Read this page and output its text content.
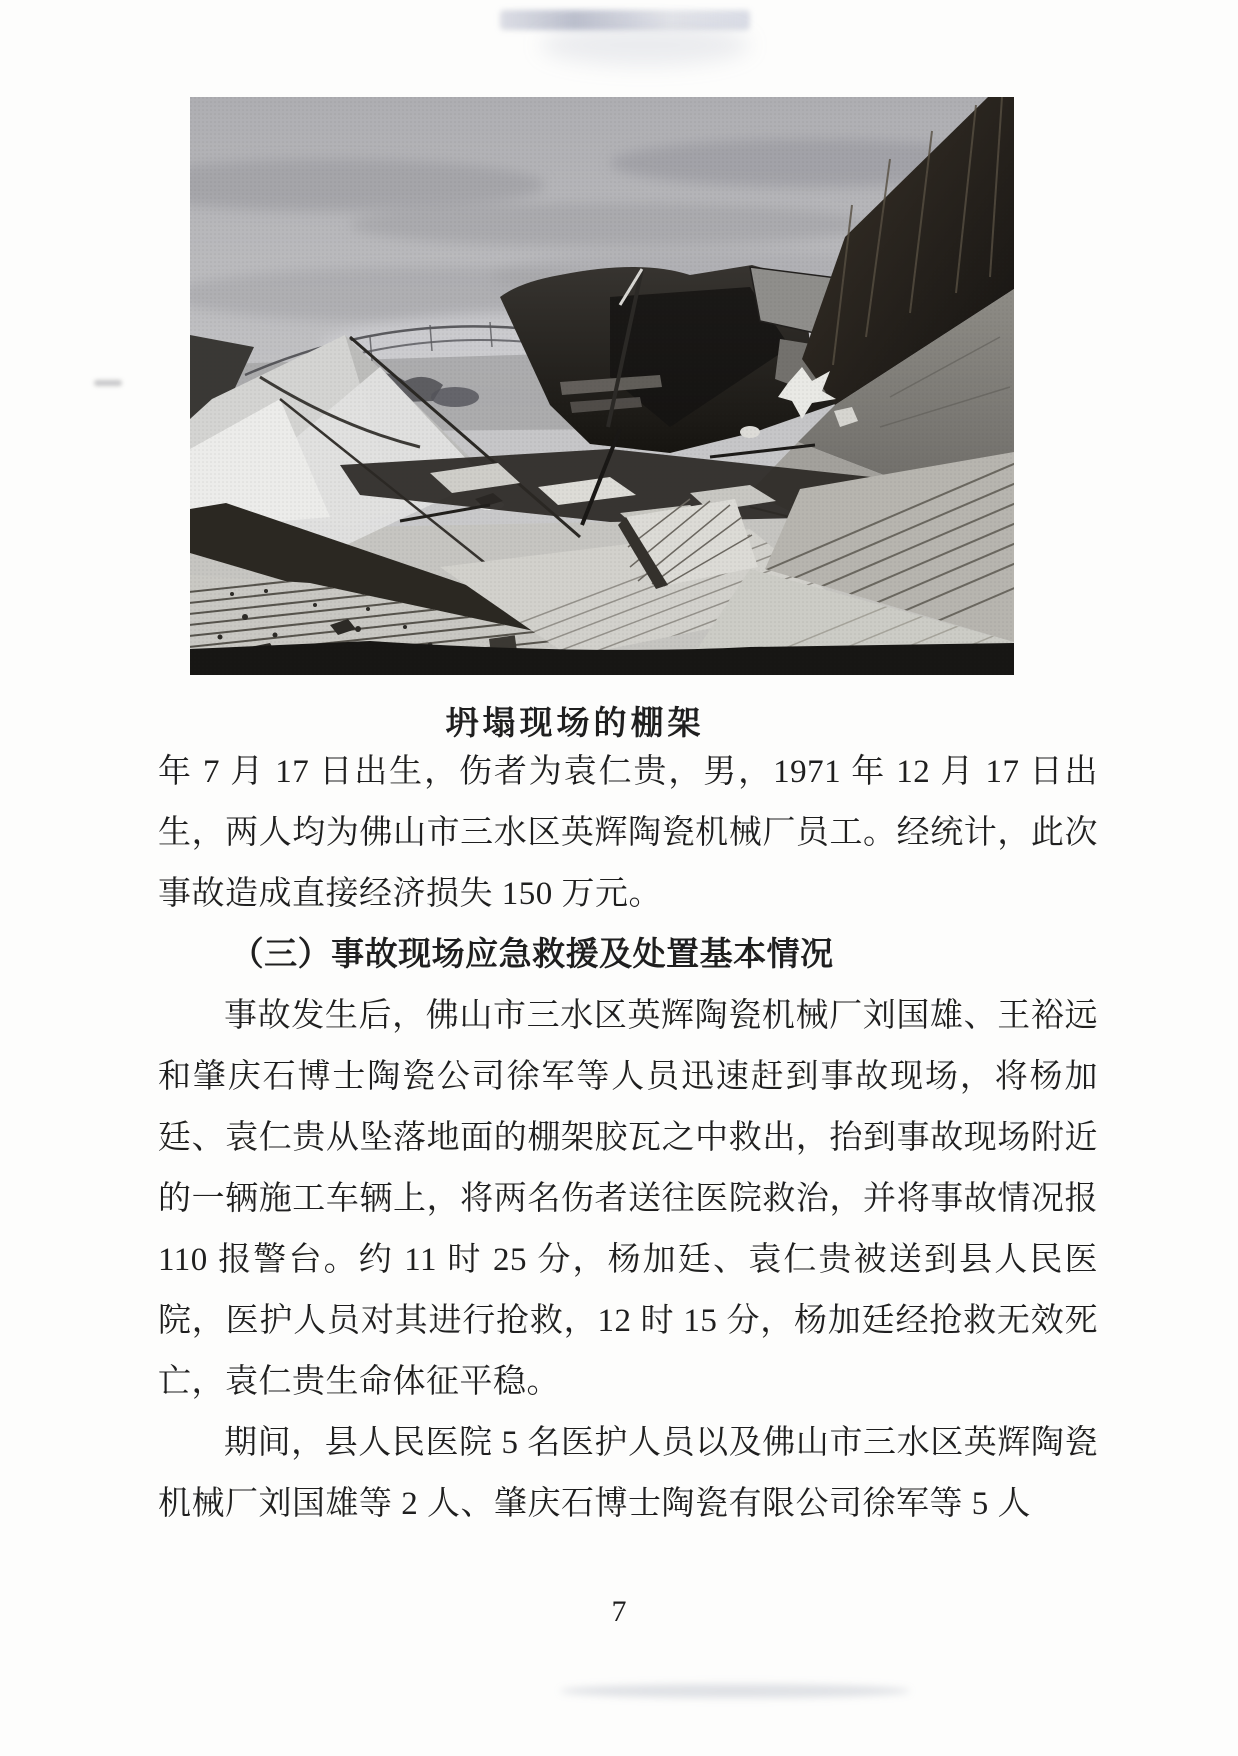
坍塌现场的棚架

年 7 月 17 日出生，伤者为袁仁贵，男，1971 年 12 月 17 日出生，两人均为佛山市三水区英辉陶瓷机械厂员工。经统计，此次事故造成直接经济损失 150 万元。

（三）事故现场应急救援及处置基本情况

事故发生后，佛山市三水区英辉陶瓷机械厂刘国雄、王裕远和肇庆石博士陶瓷公司徐军等人员迅速赶到事故现场，将杨加廷、袁仁贵从坠落地面的棚架胶瓦之中救出，抬到事故现场附近的一辆施工车辆上，将两名伤者送往医院救治，并将事故情况报 110 报警台。约 11 时 25 分，杨加廷、袁仁贵被送到县人民医院，医护人员对其进行抢救，12 时 15 分，杨加廷经抢救无效死亡，袁仁贵生命体征平稳。

期间，县人民医院 5 名医护人员以及佛山市三水区英辉陶瓷机械厂刘国雄等 2 人、肇庆石博士陶瓷有限公司徐军等 5 人

7
